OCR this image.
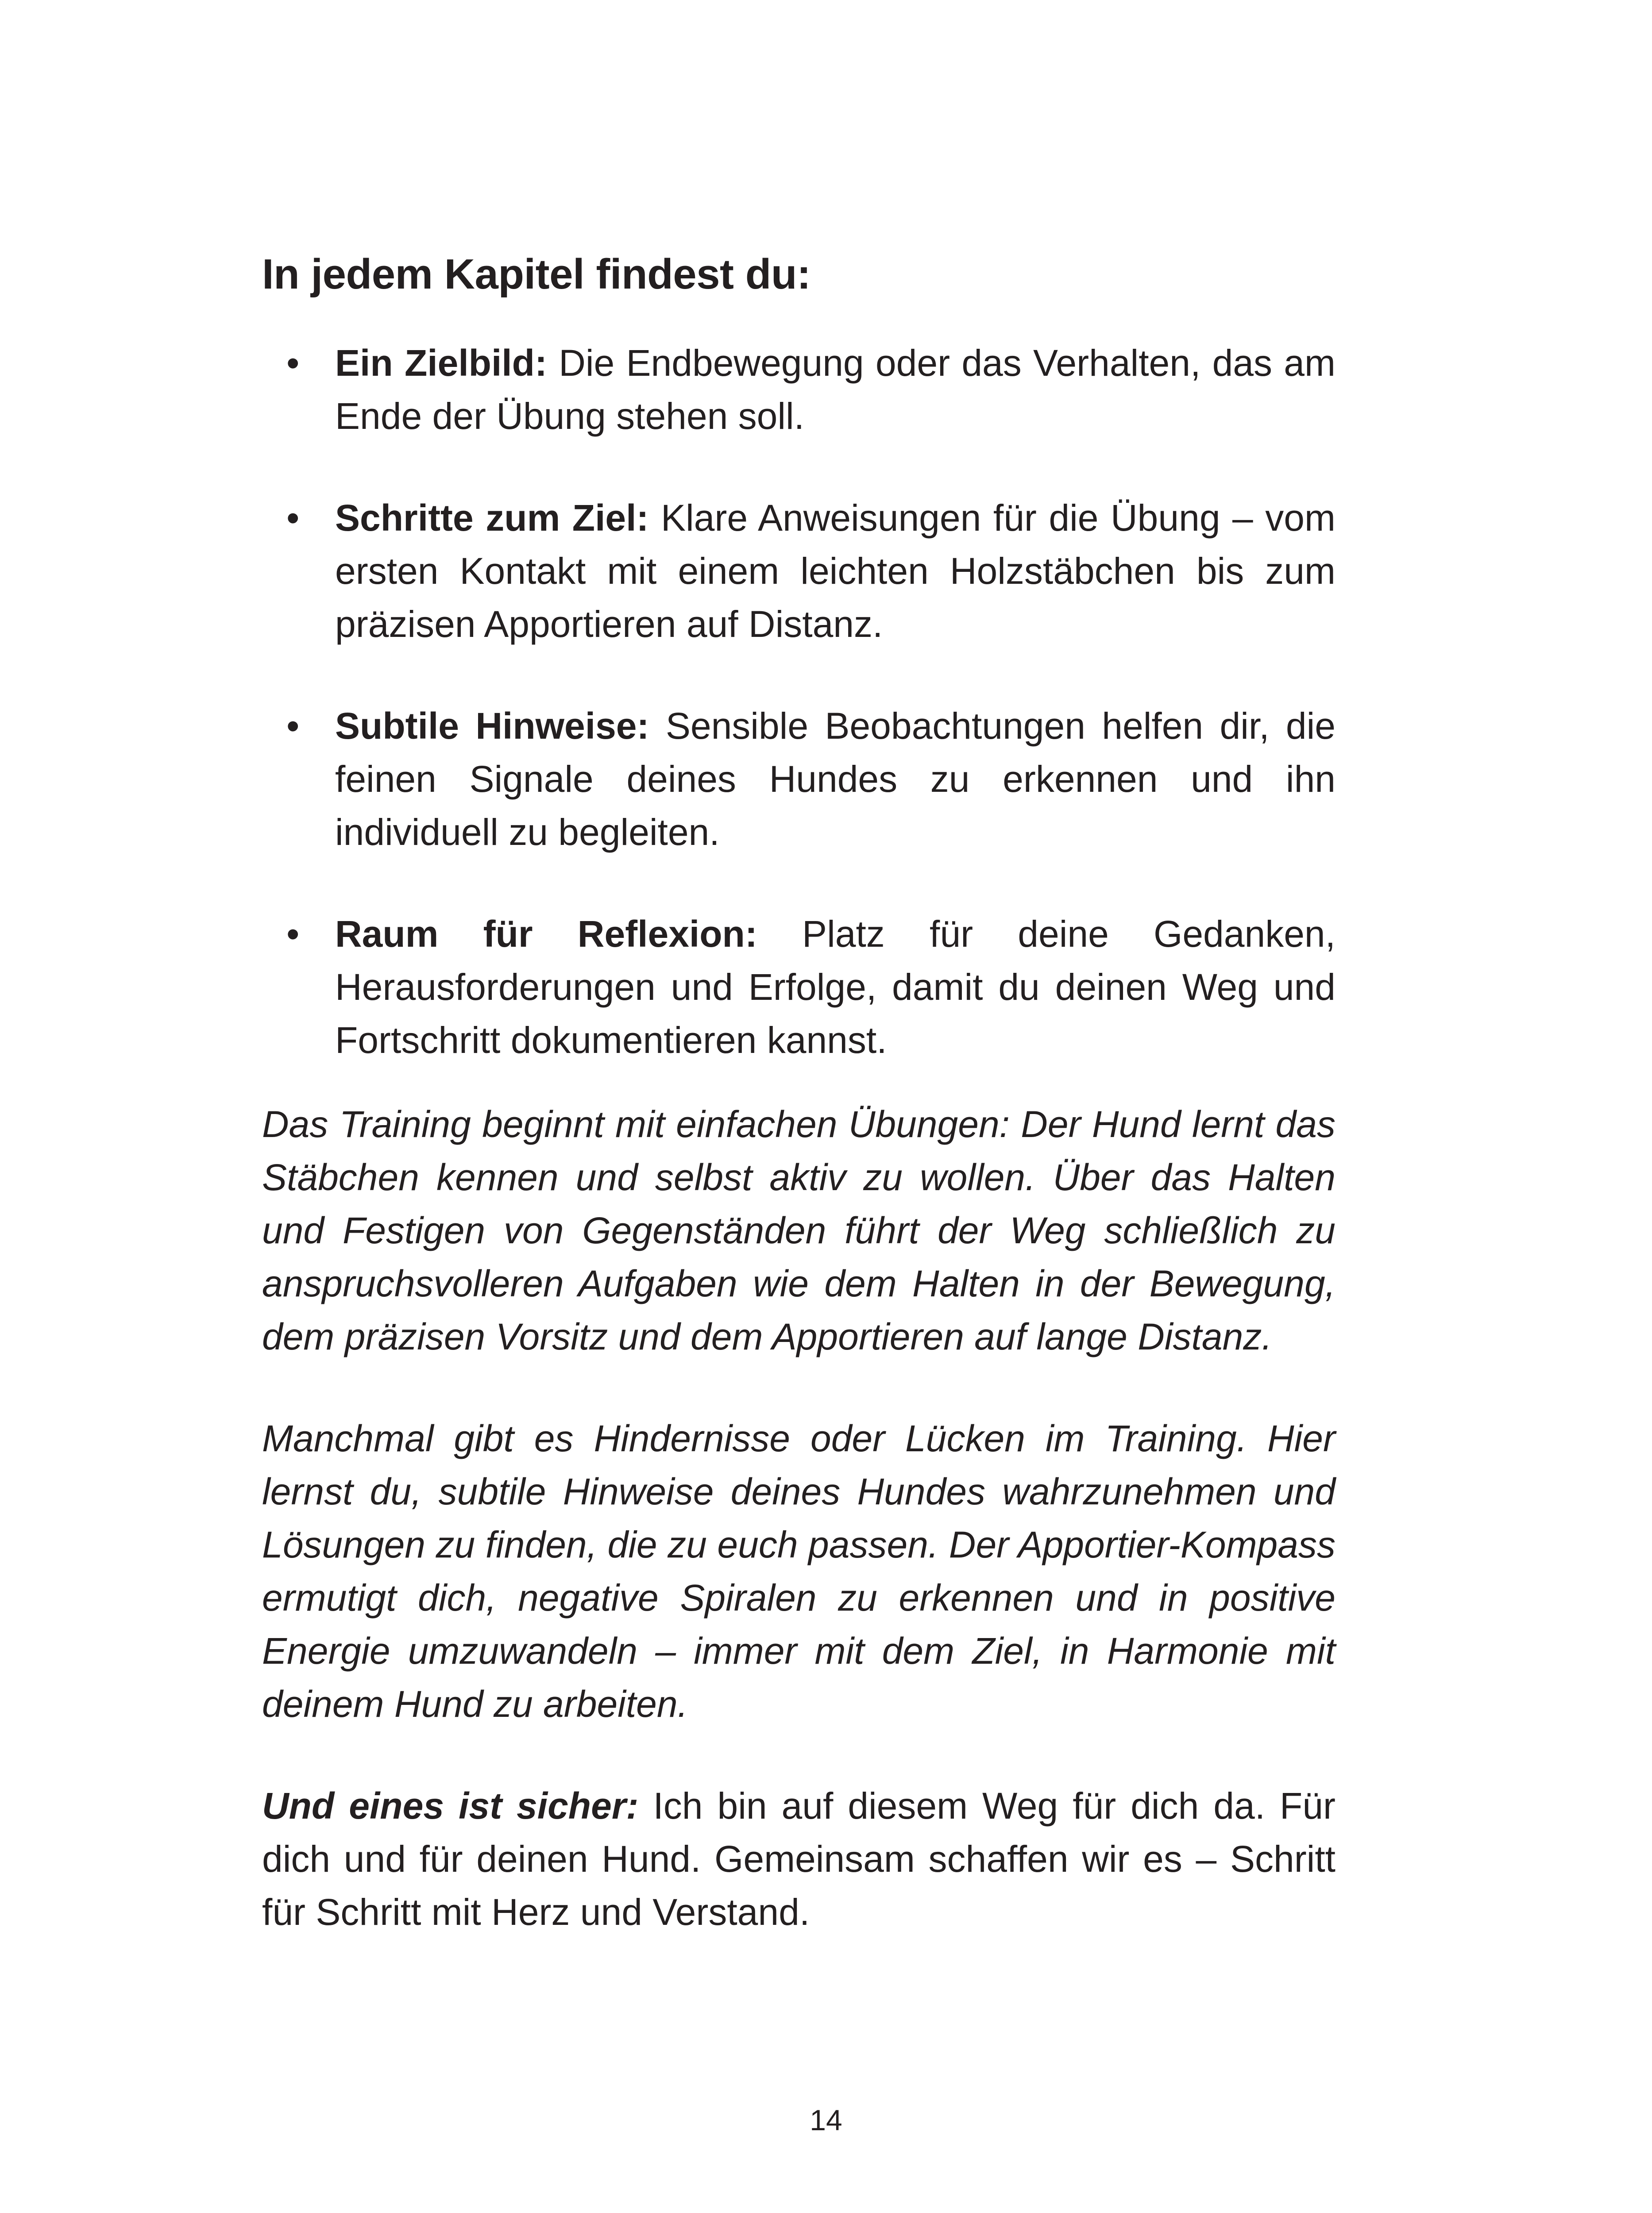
In jedem Kapitel findest du:
• Ein Zielbild: Die Endbewegung oder das Verhalten, das am Ende der Übung stehen soll.
• Schritte zum Ziel: Klare Anweisungen für die Übung – vom ersten Kontakt mit einem leichten Holzstäbchen bis zum präzisen Apportieren auf Distanz.
• Subtile Hinweise: Sensible Beobachtungen helfen dir, die feinen Signale deines Hundes zu erkennen und ihn individuell zu begleiten.
• Raum für Reflexion: Platz für deine Gedanken, Herausforderungen und Erfolge, damit du deinen Weg und Fortschritt dokumentieren kannst.

Das Training beginnt mit einfachen Übungen: Der Hund lernt das Stäbchen kennen und selbst aktiv zu wollen. Über das Halten und Festigen von Gegenständen führt der Weg schließlich zu anspruchsvolleren Aufgaben wie dem Halten in der Bewegung, dem präzisen Vorsitz und dem Apportieren auf lange Distanz.

Manchmal gibt es Hindernisse oder Lücken im Training. Hier lernst du, subtile Hinweise deines Hundes wahrzunehmen und Lösungen zu finden, die zu euch passen. Der Apportier-Kompass ermutigt dich, negative Spiralen zu erkennen und in positive Energie umzuwandeln – immer mit dem Ziel, in Harmonie mit deinem Hund zu arbeiten.

Und eines ist sicher: Ich bin auf diesem Weg für dich da. Für dich und für deinen Hund. Gemeinsam schaffen wir es – Schritt für Schritt mit Herz und Verstand.

14
